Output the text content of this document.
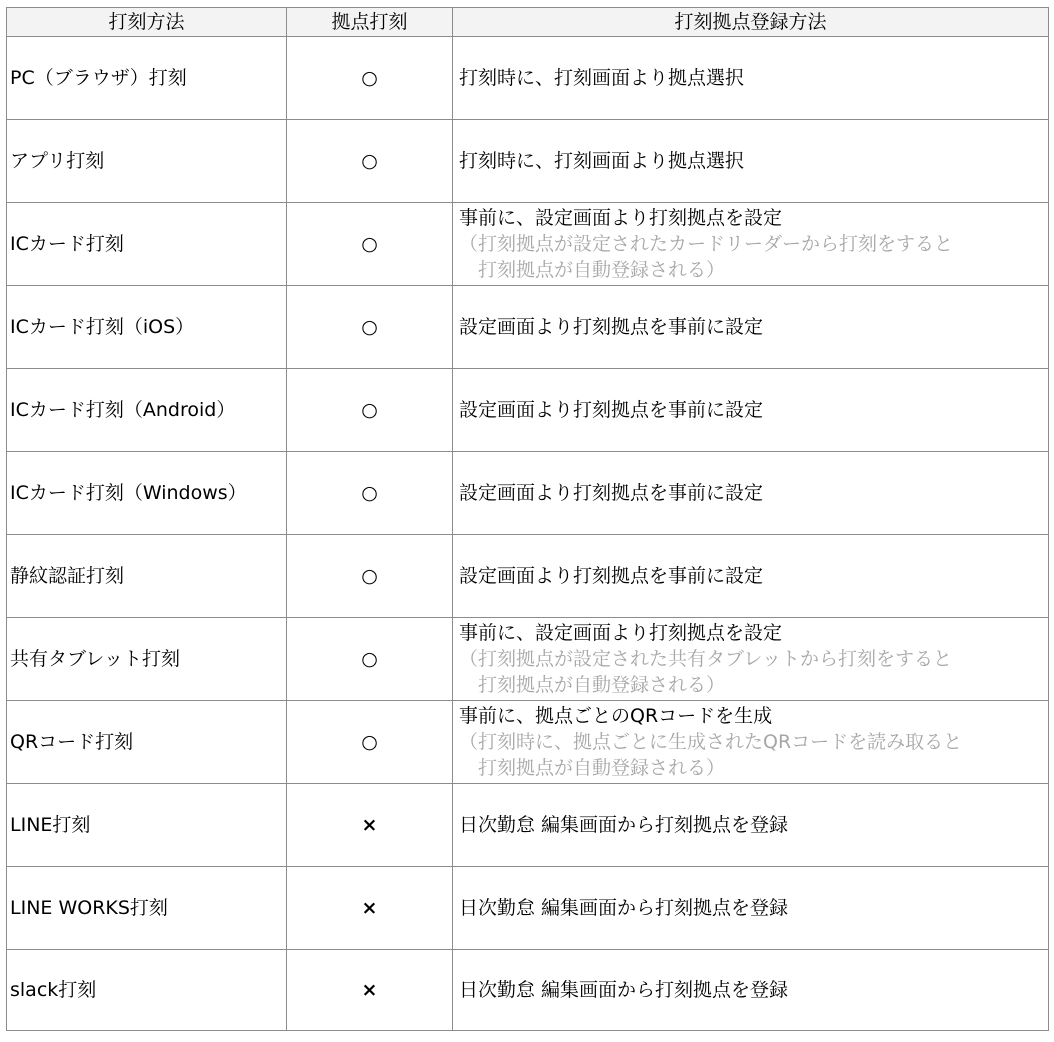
打刻方法	拠点打刻	打刻拠点登録方法
PC（ブラウザ）打刻	○	打刻時に、打刻画面より拠点選択

アプリ打刻	○	打刻時に、打刻画面より拠点選択

ICカード打刻	○	事前に、設定画面より打刻拠点を設定
（打刻拠点が設定されたカードリーダーから打刻をすると
　打刻拠点が自動登録される）

ICカード打刻（iOS）	○	設定画面より打刻拠点を事前に設定

ICカード打刻（Android）	○	設定画面より打刻拠点を事前に設定

ICカード打刻（Windows）	○	設定画面より打刻拠点を事前に設定

静紋認証打刻	○	設定画面より打刻拠点を事前に設定

共有タブレット打刻	○	事前に、設定画面より打刻拠点を設定
（打刻拠点が設定された共有タブレットから打刻をすると
　打刻拠点が自動登録される）

QRコード打刻	○	事前に、拠点ごとのQRコードを生成
（打刻時に、拠点ごとに生成されたQRコードを読み取ると
　打刻拠点が自動登録される）

LINE打刻	×	日次勤怠 編集画面から打刻拠点を登録

LINE WORKS打刻	×	日次勤怠 編集画面から打刻拠点を登録

slack打刻	×	日次勤怠 編集画面から打刻拠点を登録
